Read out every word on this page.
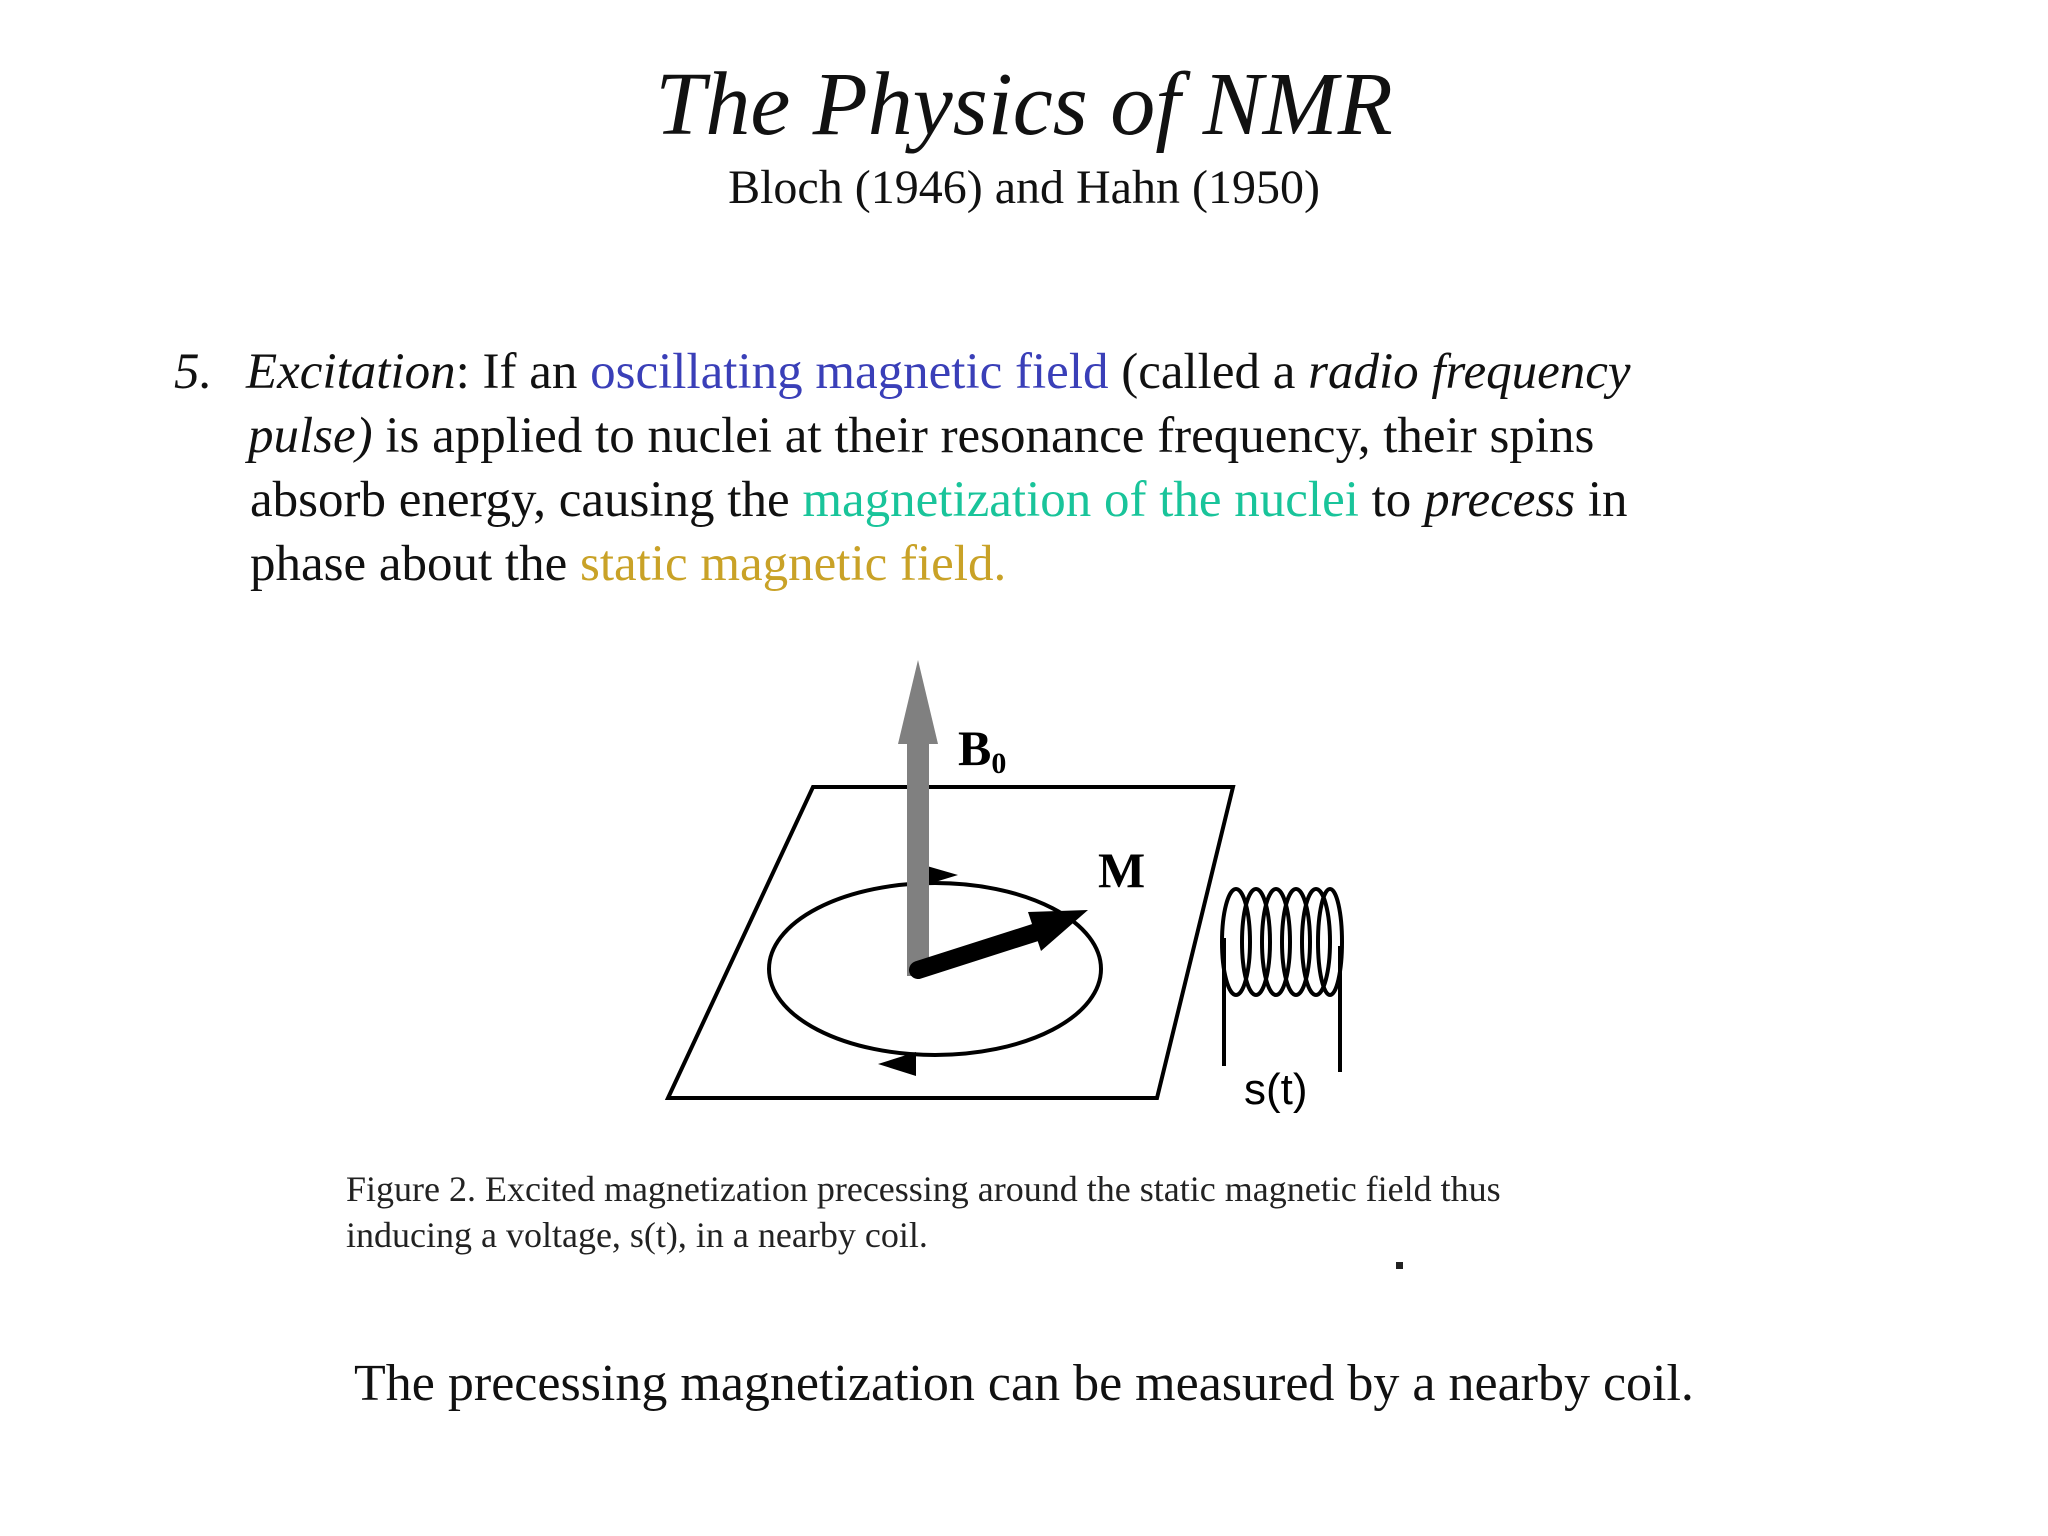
The Physics of NMR
Bloch (1946) and Hahn (1950)
5. Excitation: If an oscillating magnetic field (called a radio frequency
pulse) is applied to nuclei at their resonance frequency, their spins
absorb energy, causing the magnetization of the nuclei to precess in
phase about the static magnetic field.
B0
M
s(t)
Figure 2. Excited magnetization precessing around the static magnetic field thus
inducing a voltage, s(t), in a nearby coil.
The precessing magnetization can be measured by a nearby coil.
